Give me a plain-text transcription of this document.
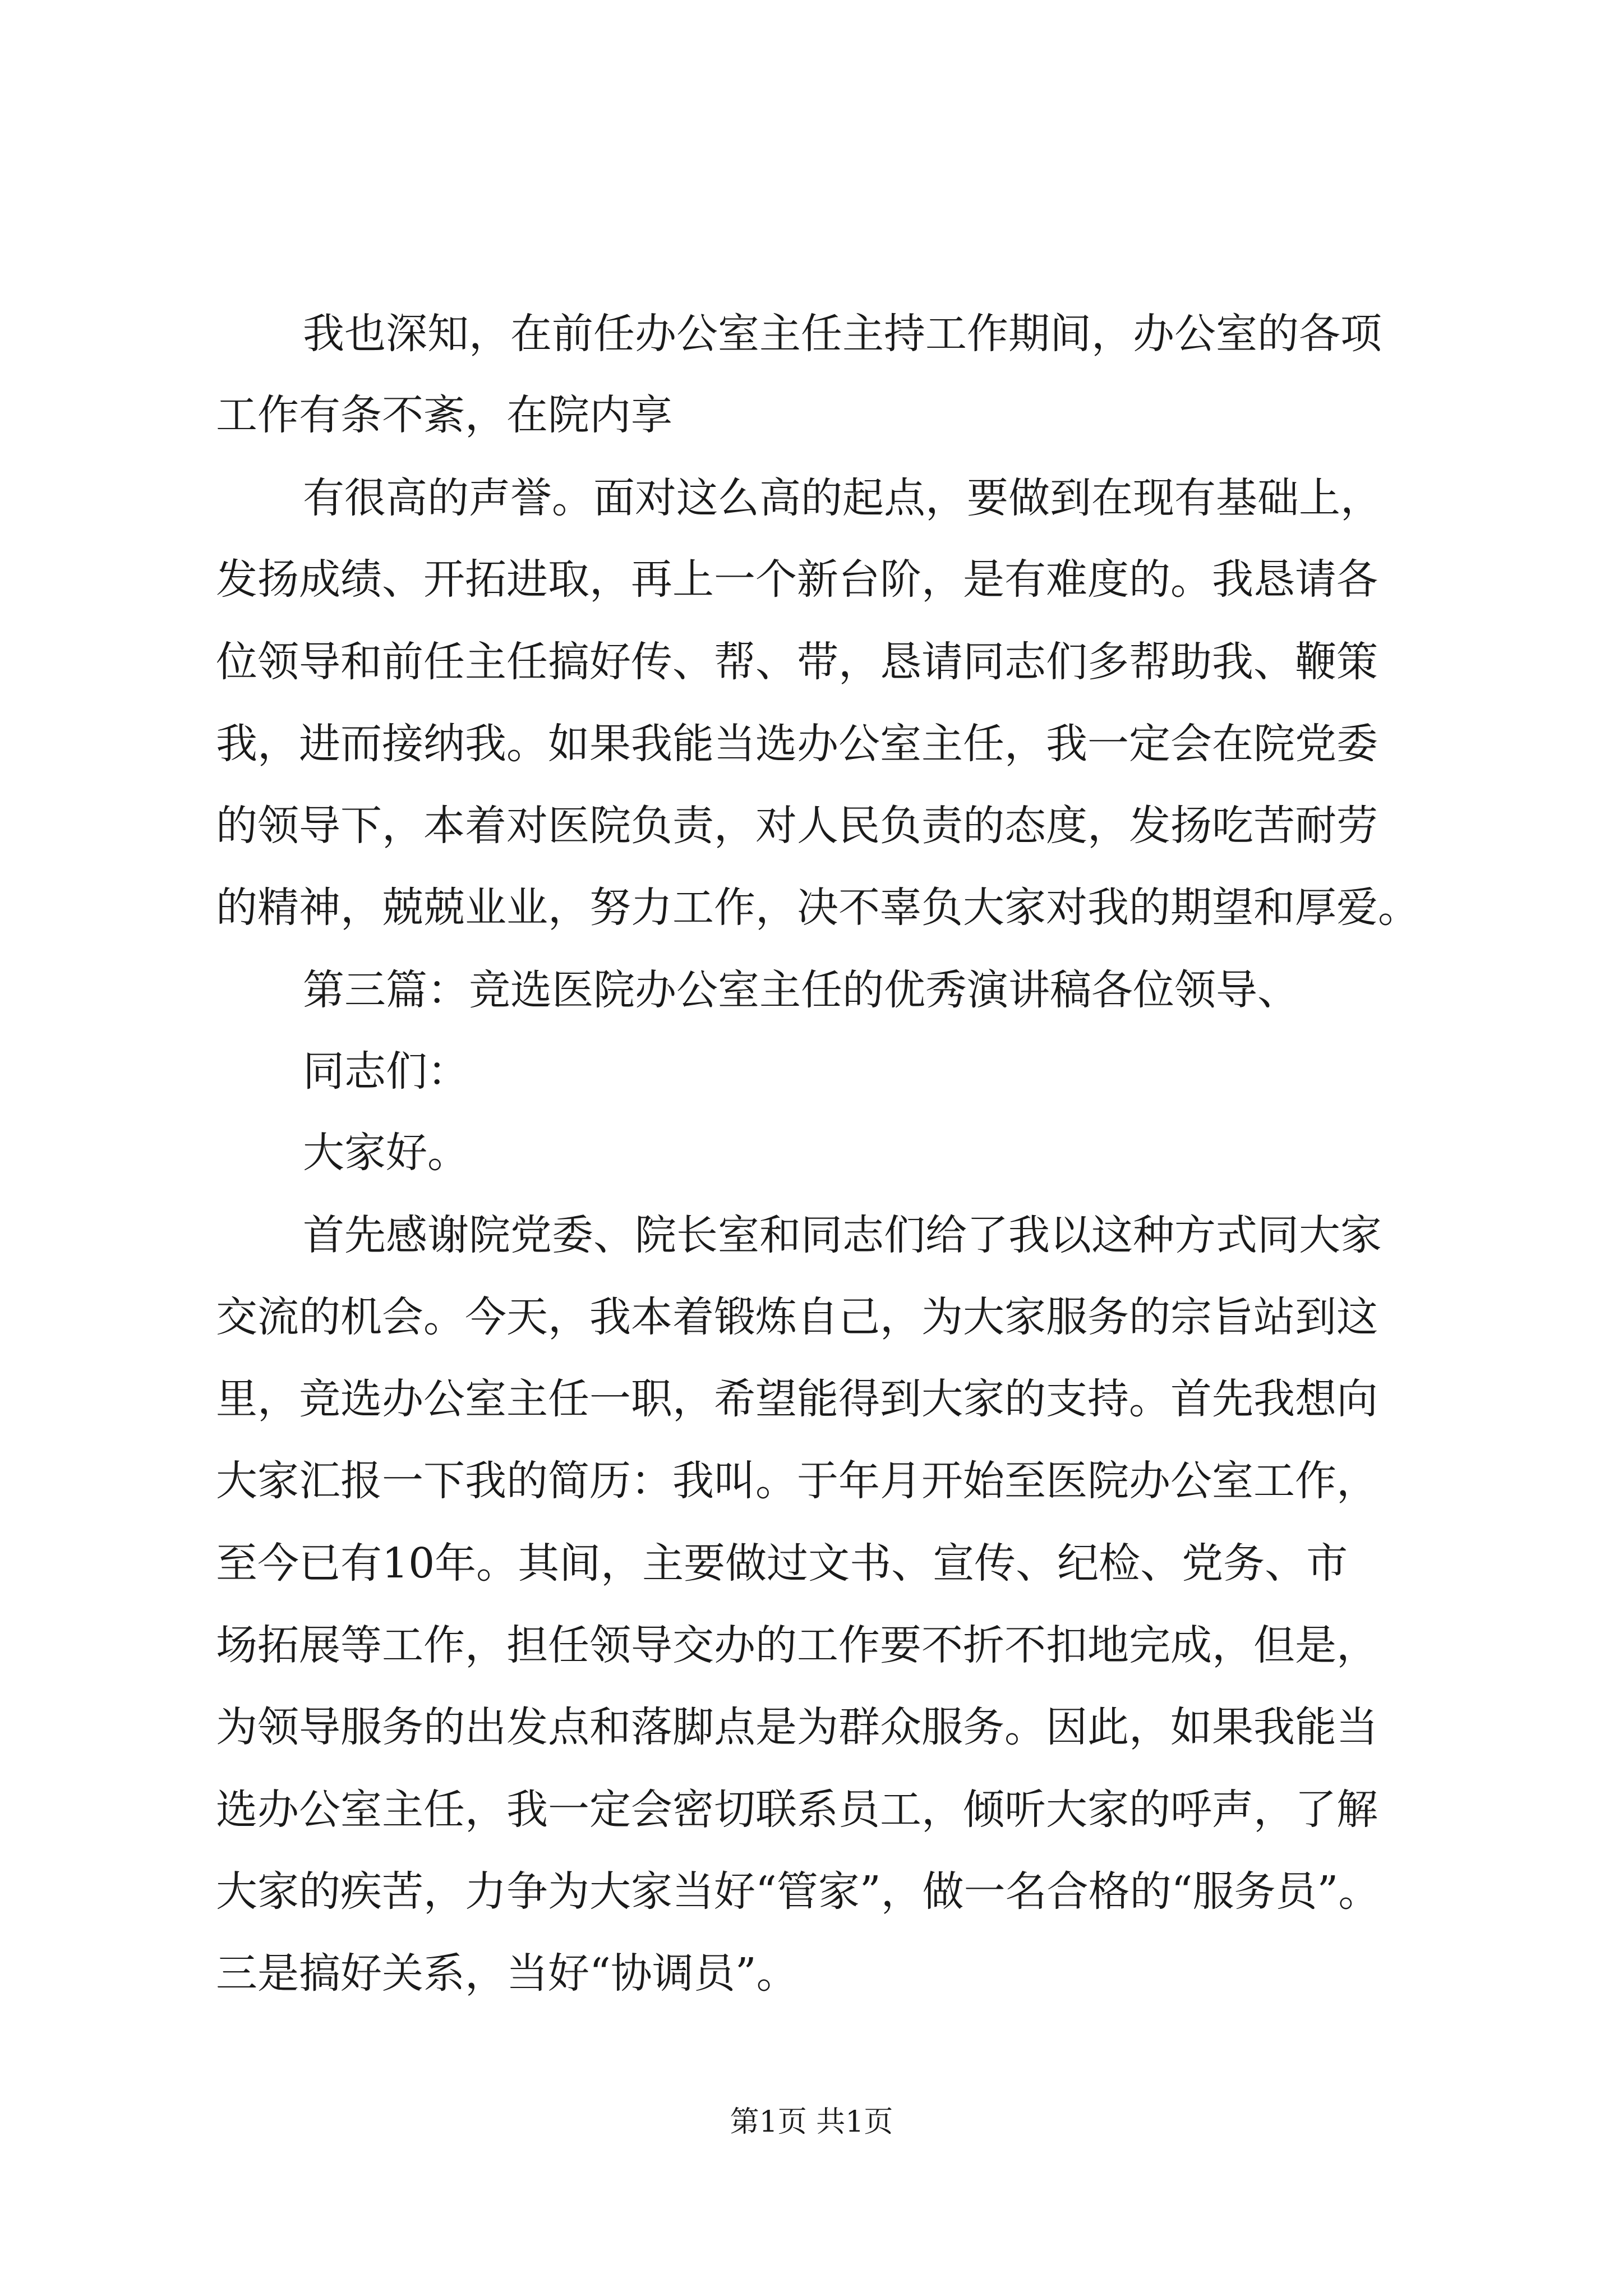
我也深知，在前任办公室主任主持工作期间，办公室的各项
工作有条不紊，在院内享
有很高的声誉。面对这么高的起点，要做到在现有基础上，
发扬成绩、开拓进取，再上一个新台阶，是有难度的。我恳请各
位领导和前任主任搞好传、帮、带，恳请同志们多帮助我、鞭策
我，进而接纳我。如果我能当选办公室主任，我一定会在院党委
的领导下，本着对医院负责，对人民负责的态度，发扬吃苦耐劳
的精神，兢兢业业，努力工作，决不辜负大家对我的期望和厚爱。
第三篇：竞选医院办公室主任的优秀演讲稿各位领导、
同志们：
大家好。
首先感谢院党委、院长室和同志们给了我以这种方式同大家
交流的机会。今天，我本着锻炼自己，为大家服务的宗旨站到这
里，竞选办公室主任一职，希望能得到大家的支持。首先我想向
大家汇报一下我的简历：我叫。于年月开始至医院办公室工作，
至今已有10年。其间，主要做过文书、宣传、纪检、党务、市
场拓展等工作，担任领导交办的工作要不折不扣地完成，但是，
为领导服务的出发点和落脚点是为群众服务。因此，如果我能当
选办公室主任，我一定会密切联系员工，倾听大家的呼声，了解
大家的疾苦，力争为大家当好“管家”，做一名合格的“服务员”。
三是搞好关系，当好“协调员”。
第1页 共1页
